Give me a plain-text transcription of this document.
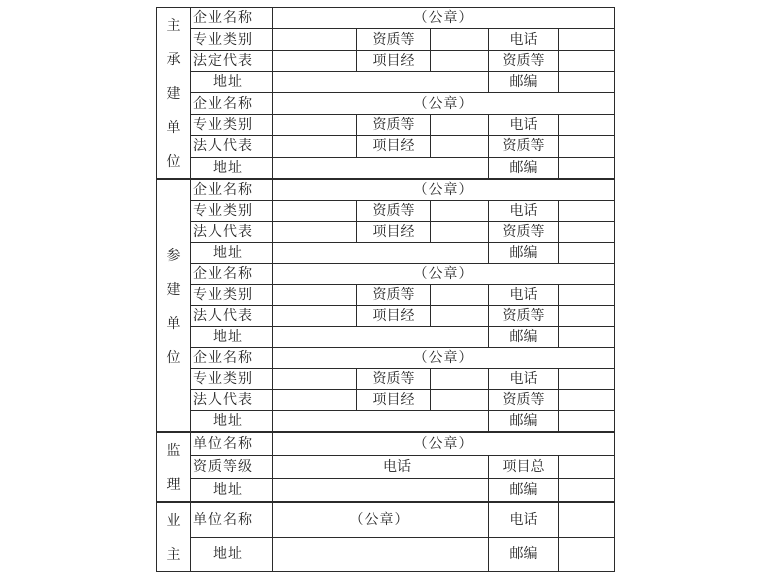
主
承
建
单
位	企业名称	（公章）				
	专业类别		资质等		电话	
	法定代表		项目经		资质等	
	地址				邮编	
	企业名称	（公章）				
	专业类别		资质等		电话	
	法人代表		项目经		资质等	
	地址				邮编	

参
建
单
位	企业名称	（公章）				
	专业类别		资质等		电话	
	法人代表		项目经		资质等	
	地址				邮编	
	企业名称	（公章）				
	专业类别		资质等		电话	
	法人代表		项目经		资质等	
	地址				邮编	
	企业名称	（公章）				
	专业类别		资质等		电话	
	法人代表		项目经		资质等	
	地址				邮编	

监
理	单位名称	（公章）				
	资质等级	电话			项目总	
	地址				邮编	

业
主	单位名称	（公章）			电话	
	地址				邮编	
